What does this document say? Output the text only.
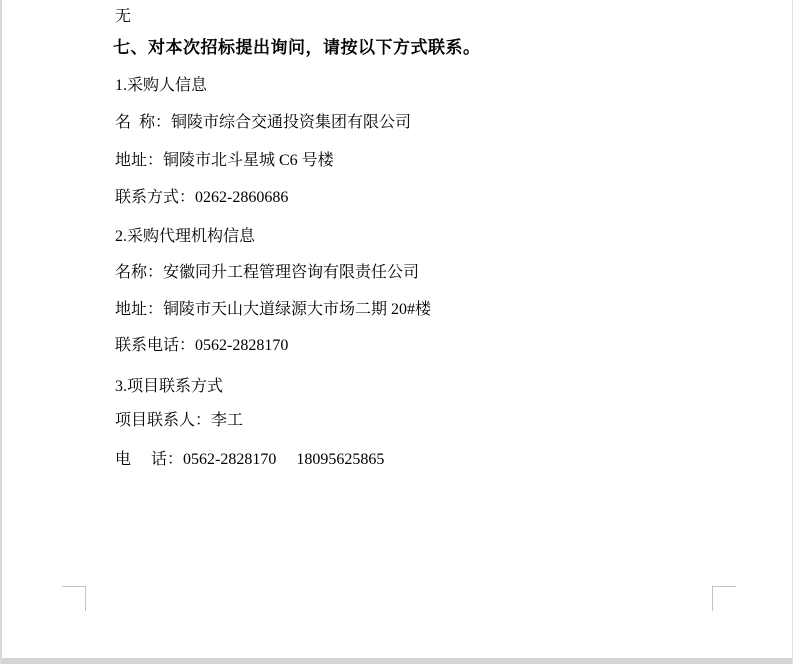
无
七、对本次招标提出询问，请按以下方式联系。
1.采购人信息
名  称：铜陵市综合交通投资集团有限公司
地址：铜陵市北斗星城 C6 号楼
联系方式：0262-2860686
2.采购代理机构信息
名称：安徽同升工程管理咨询有限责任公司
地址：铜陵市天山大道绿源大市场二期 20#楼
联系电话：0562-2828170
3.项目联系方式
项目联系人：李工
电　 话：0562-2828170　 18095625865
